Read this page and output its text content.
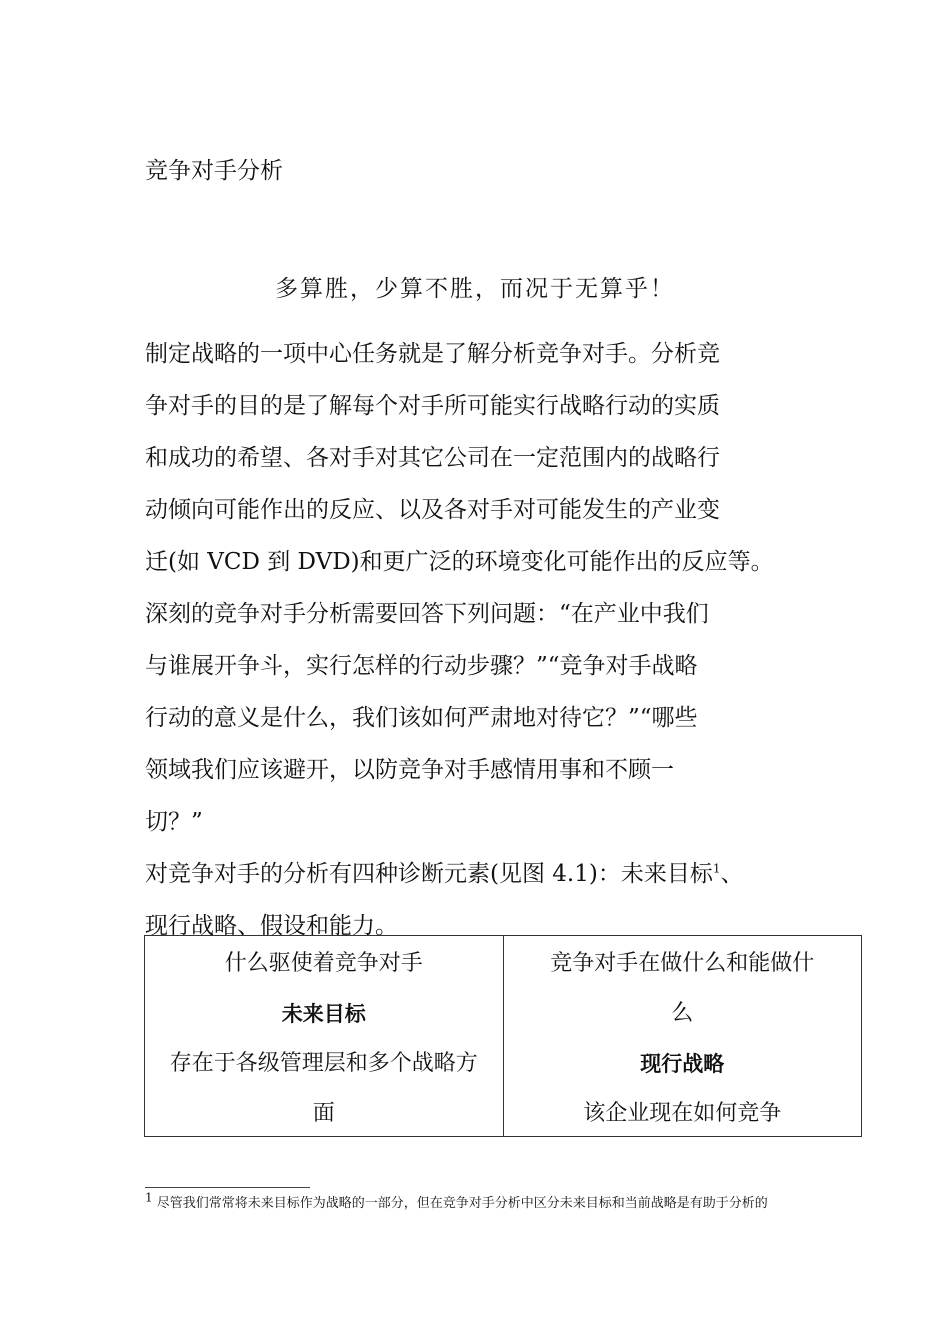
竞争对手分析
多算胜，少算不胜，而况于无算乎！
制定战略的一项中心任务就是了解分析竞争对手。分析竞
争对手的目的是了解每个对手所可能实行战略行动的实质
和成功的希望、各对手对其它公司在一定范围内的战略行
动倾向可能作出的反应、以及各对手对可能发生的产业变
迁(如 VCD 到 DVD)和更广泛的环境变化可能作出的反应等。
深刻的竞争对手分析需要回答下列问题：“在产业中我们
与谁展开争斗，实行怎样的行动步骤？”“竞争对手战略
行动的意义是什么，我们该如何严肃地对待它？”“哪些
领域我们应该避开，以防竞争对手感情用事和不顾一
切？”
对竞争对手的分析有四种诊断元素(见图 4.1)：未来目标$^1$、
现行战略、假设和能力。
什么驱使着竞争对手
未来目标
存在于各级管理层和多个战略方
面

竞争对手在做什么和能做什
么
现行战略
该企业现在如何竞争
$^1$ 尽管我们常常将未来目标作为战略的一部分，但在竞争对手分析中区分未来目标和当前战略是有助于分析的
